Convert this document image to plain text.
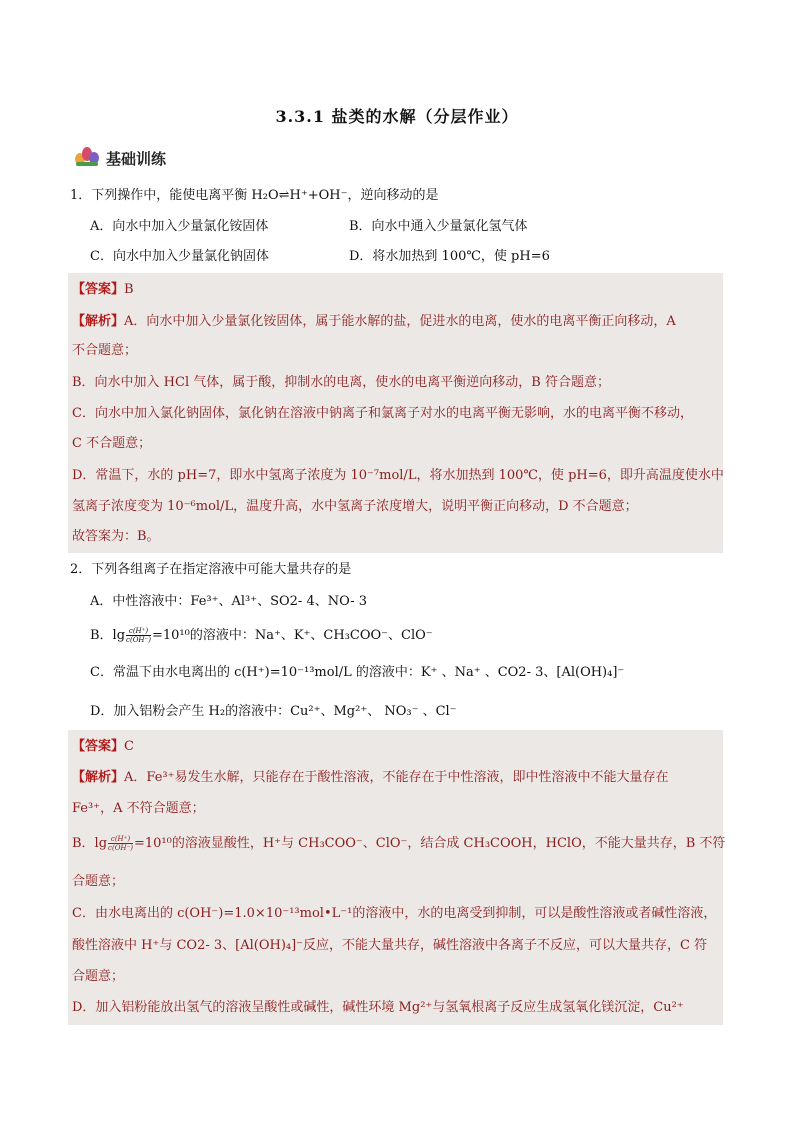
3.3.1 盐类的水解（分层作业）
基础训练
1．下列操作中，能使电离平衡 H₂O⇌H⁺+OH⁻，逆向移动的是
A．向水中加入少量氯化铵固体	B．向水中通入少量氯化氢气体
C．向水中加入少量氯化钠固体	D．将水加热到 100℃，使 pH=6
【答案】B
【解析】A．向水中加入少量氯化铵固体，属于能水解的盐，促进水的电离，使水的电离平衡正向移动，A
不合题意；
B．向水中加入 HCl 气体，属于酸，抑制水的电离，使水的电离平衡逆向移动，B 符合题意；
C．向水中加入氯化钠固体，氯化钠在溶液中钠离子和氯离子对水的电离平衡无影响，水的电离平衡不移动，
C 不合题意；
D．常温下，水的 pH=7，即水中氢离子浓度为 10⁻⁷mol/L，将水加热到 100℃，使 pH=6，即升高温度使水中
氢离子浓度变为 10⁻⁶mol/L，温度升高，水中氢离子浓度增大，说明平衡正向移动，D 不合题意；
故答案为：B。
2．下列各组离子在指定溶液中可能大量共存的是
A．中性溶液中：Fe³⁺、Al³⁺、SO2- 4、NO- 3
B．$\lg \frac{c(H^+)}{c(OH^-)} =10^{10}$的溶液中：Na⁺、K⁺、CH₃COO⁻、ClO⁻
C．常温下由水电离出的 c(H⁺)=10⁻¹³mol/L 的溶液中：K⁺ 、Na⁺ 、CO2- 3、[Al(OH)₄]⁻
D．加入铝粉会产生 H₂的溶液中：Cu²⁺、Mg²⁺、 NO₃⁻ 、Cl⁻
【答案】C
【解析】A．Fe³⁺易发生水解，只能存在于酸性溶液，不能存在于中性溶液，即中性溶液中不能大量存在
Fe³⁺，A 不符合题意；
B．$\lg \frac{c(H^+)}{c(OH^-)} =10^{10}$的溶液显酸性，H⁺与 CH₃COO⁻、ClO⁻，结合成 CH₃COOH，HClO，不能大量共存，B 不符
合题意；
C．由水电离出的 c(OH⁻)=1.0×10⁻¹³mol•L⁻¹的溶液中，水的电离受到抑制，可以是酸性溶液或者碱性溶液，
酸性溶液中 H⁺与 CO2- 3、[Al(OH)₄]⁻反应，不能大量共存，碱性溶液中各离子不反应，可以大量共存，C 符
合题意；
D．加入铝粉能放出氢气的溶液呈酸性或碱性，碱性环境 Mg²⁺与氢氧根离子反应生成氢氧化镁沉淀，Cu²⁺
